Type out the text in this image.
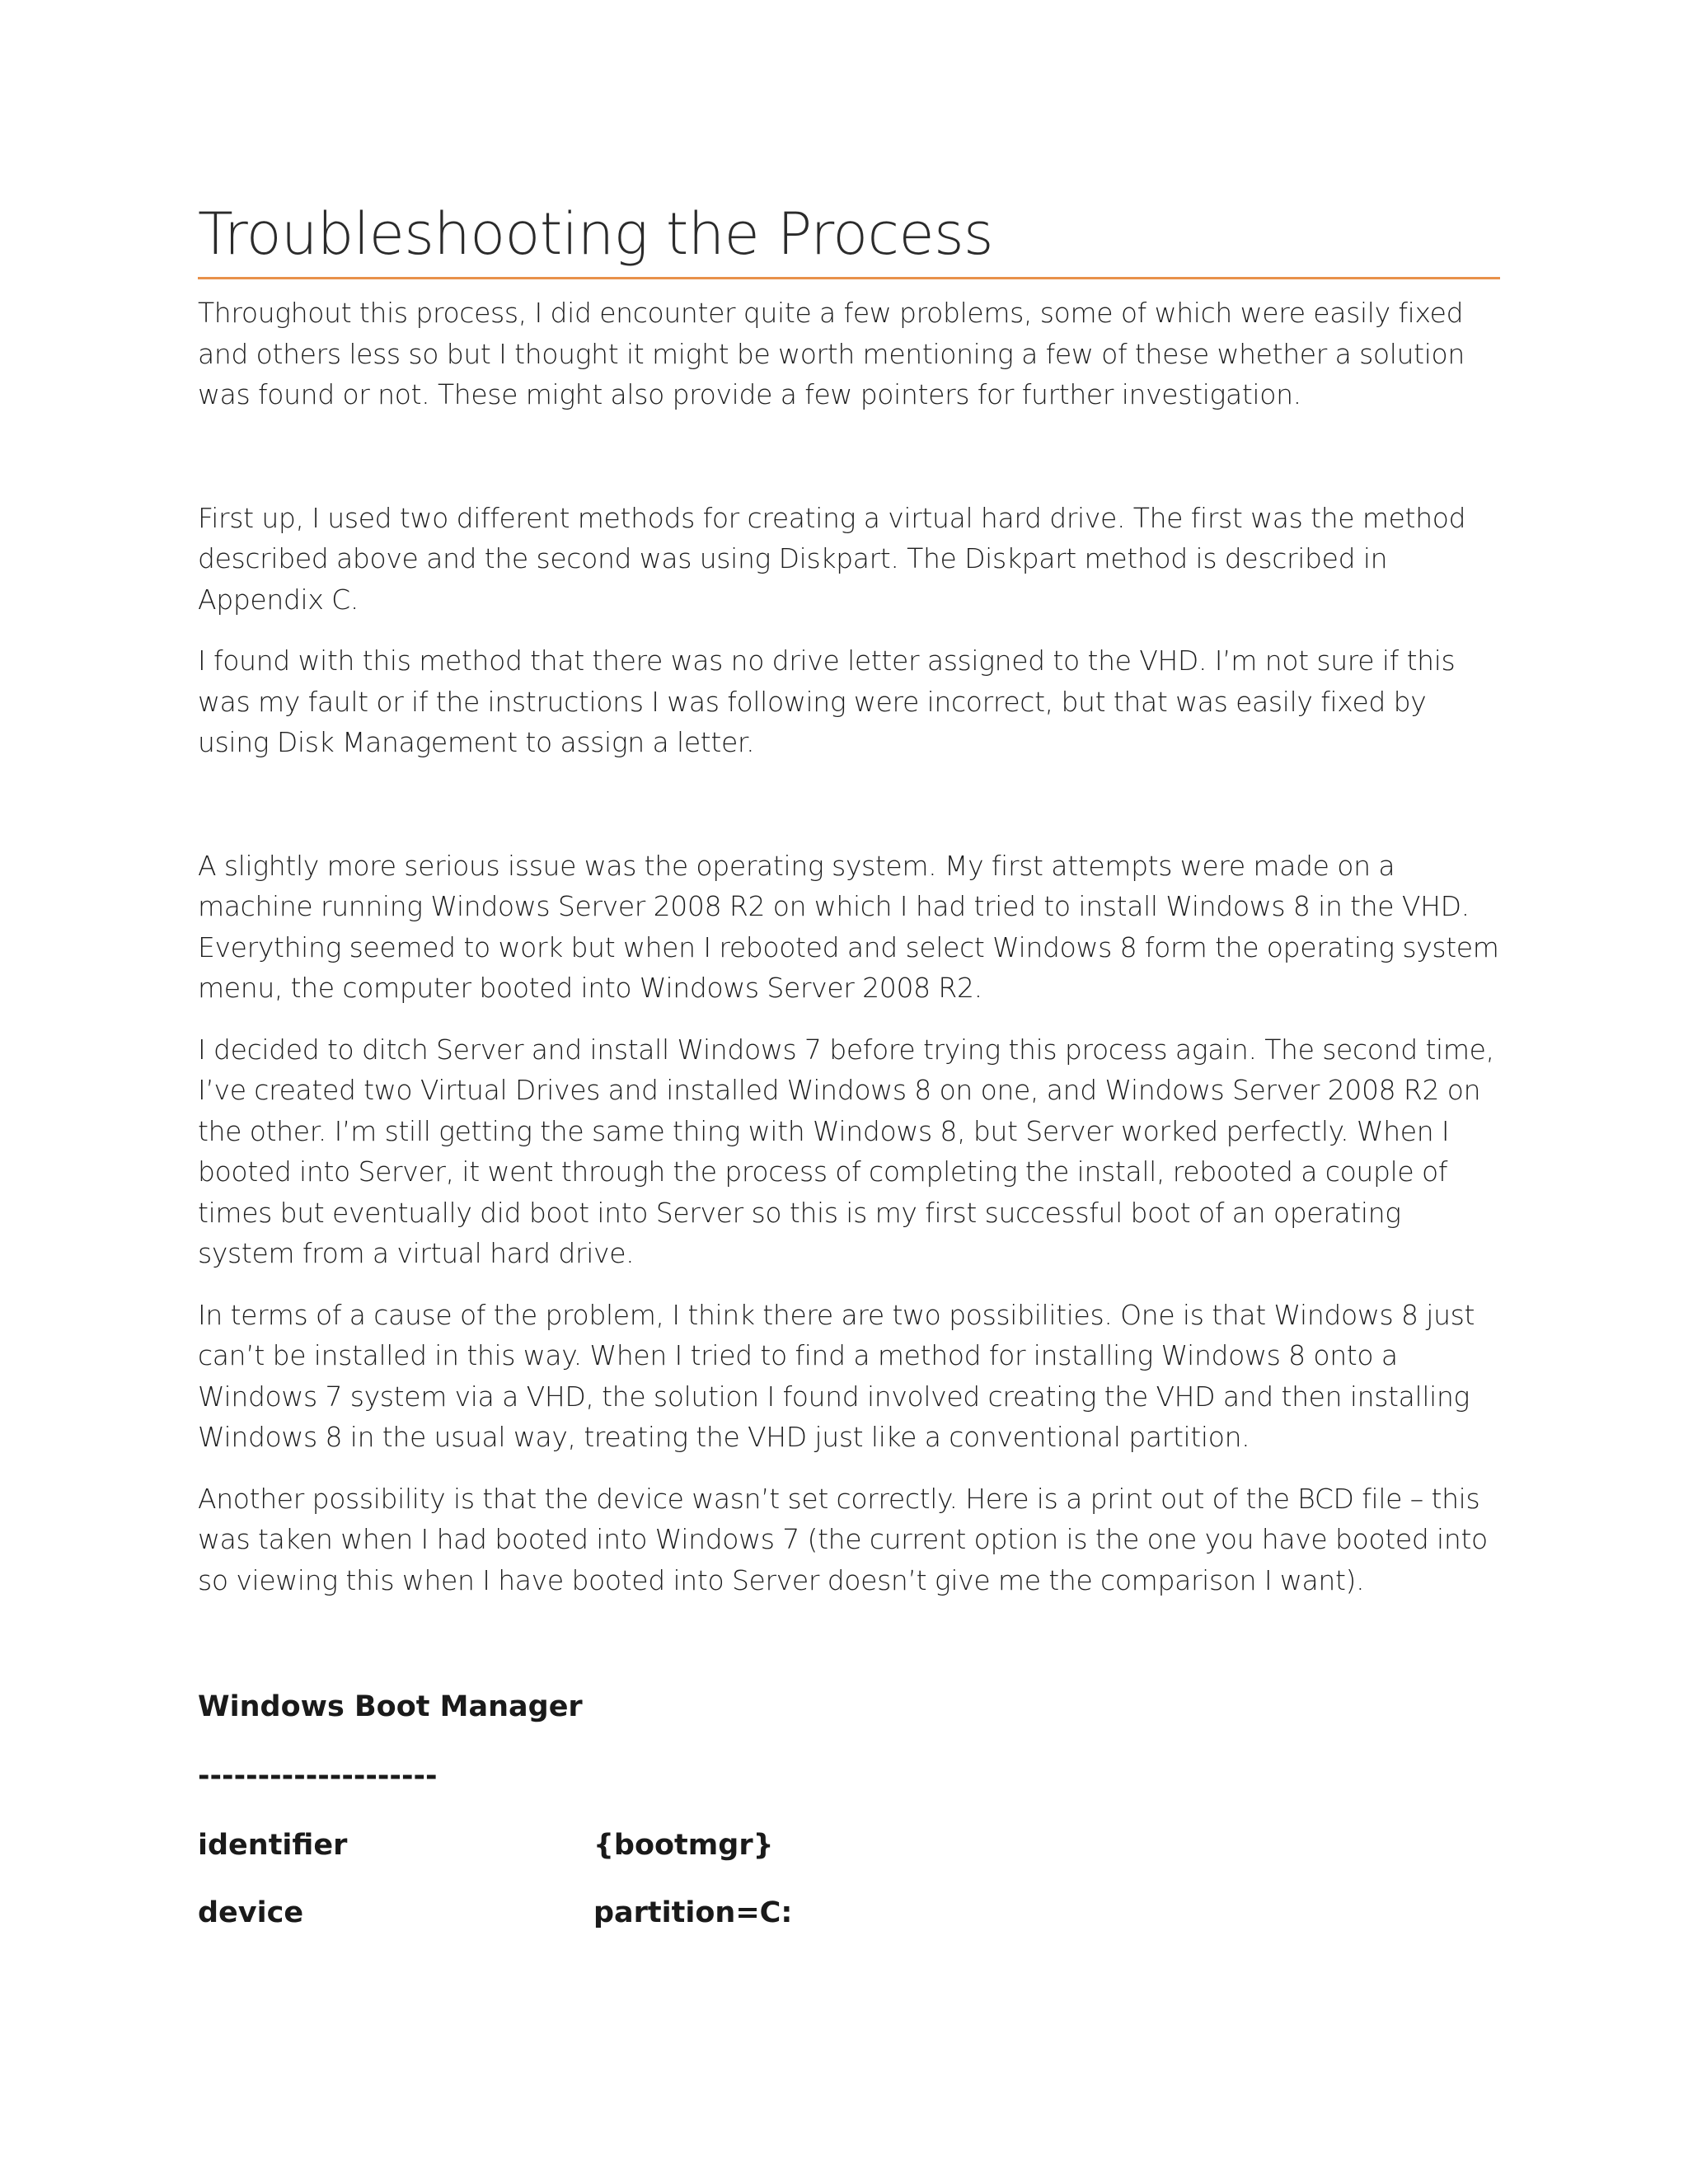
Troubleshooting the Process

Throughout this process, I did encounter quite a few problems, some of which were easily fixed and others less so but I thought it might be worth mentioning a few of these whether a solution was found or not. These might also provide a few pointers for further investigation.

First up, I used two different methods for creating a virtual hard drive. The first was the method described above and the second was using Diskpart. The Diskpart method is described in Appendix C.

I found with this method that there was no drive letter assigned to the VHD. I’m not sure if this was my fault or if the instructions I was following were incorrect, but that was easily fixed by using Disk Management to assign a letter.

A slightly more serious issue was the operating system. My first attempts were made on a machine running Windows Server 2008 R2 on which I had tried to install Windows 8 in the VHD. Everything seemed to work but when I rebooted and select Windows 8 form the operating system menu, the computer booted into Windows Server 2008 R2.

I decided to ditch Server and install Windows 7 before trying this process again. The second time, I’ve created two Virtual Drives and installed Windows 8 on one, and Windows Server 2008 R2 on the other. I’m still getting the same thing with Windows 8, but Server worked perfectly. When I booted into Server, it went through the process of completing the install, rebooted a couple of times but eventually did boot into Server so this is my first successful boot of an operating system from a virtual hard drive.

In terms of a cause of the problem, I think there are two possibilities. One is that Windows 8 just can’t be installed in this way. When I tried to find a method for installing Windows 8 onto a Windows 7 system via a VHD, the solution I found involved creating the VHD and then installing Windows 8 in the usual way, treating the VHD just like a conventional partition.

Another possibility is that the device wasn’t set correctly. Here is a print out of the BCD file – this was taken when I had booted into Windows 7 (the current option is the one you have booted into so viewing this when I have booted into Server doesn’t give me the comparison I want).

Windows Boot Manager
--------------------
identifier	{bootmgr}
device	partition=C:
